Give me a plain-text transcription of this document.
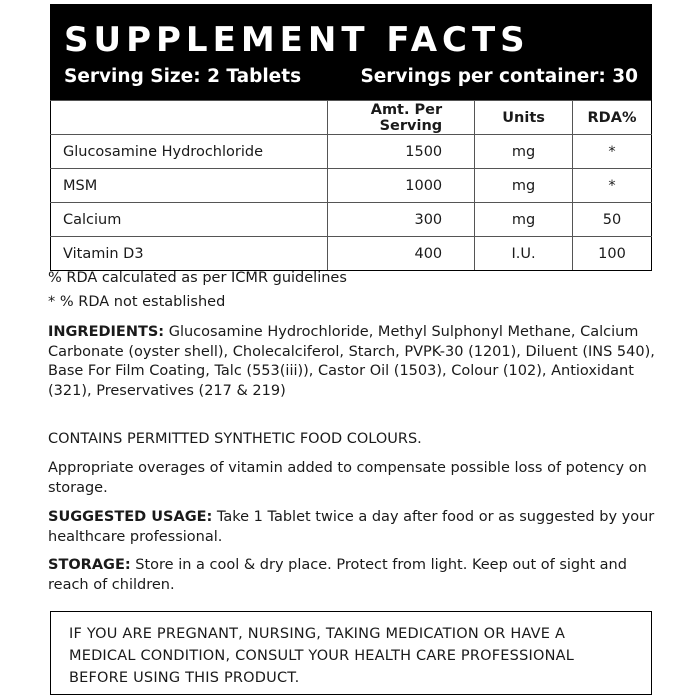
SUPPLEMENT FACTS
Serving Size: 2 Tablets	Servings per container: 30
	Amt. Per Serving	Units	RDA%
Glucosamine Hydrochloride	1500	mg	*
MSM	1000	mg	*
Calcium	300	mg	50
Vitamin D3	400	I.U.	100
% RDA calculated as per ICMR guidelines
* % RDA not established
INGREDIENTS: Glucosamine Hydrochloride, Methyl Sulphonyl Methane, Calcium Carbonate (oyster shell), Cholecalciferol, Starch, PVPK-30 (1201), Diluent (INS 540), Base For Film Coating, Talc (553(iii)), Castor Oil (1503), Colour (102), Antioxidant (321), Preservatives (217 & 219)
CONTAINS PERMITTED SYNTHETIC FOOD COLOURS.
Appropriate overages of vitamin added to compensate possible loss of potency on storage.
SUGGESTED USAGE: Take 1 Tablet twice a day after food or as suggested by your healthcare professional.
STORAGE: Store in a cool & dry place. Protect from light. Keep out of sight and reach of children.

IF YOU ARE PREGNANT, NURSING, TAKING MEDICATION OR HAVE A MEDICAL CONDITION, CONSULT YOUR HEALTH CARE PROFESSIONAL BEFORE USING THIS PRODUCT.
